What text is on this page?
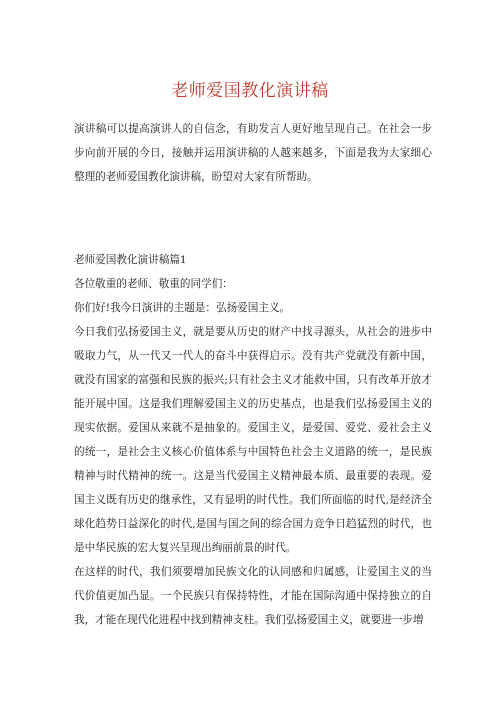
老师爱国教化演讲稿

演讲稿可以提高演讲人的自信念，有助发言人更好地呈现自己。在社会一步步向前开展的今日，接触并运用演讲稿的人越来越多，下面是我为大家细心整理的老师爱国教化演讲稿，盼望对大家有所帮助。

老师爱国教化演讲稿篇1

各位敬重的老师、敬重的同学们：

你们好!我今日演讲的主题是：弘扬爱国主义。

今日我们弘扬爱国主义，就是要从历史的财产中找寻源头，从社会的进步中吸取力气，从一代又一代人的奋斗中获得启示。没有共产党就没有新中国，就没有国家的富强和民族的振兴;只有社会主义才能救中国，只有改革开放才能开展中国。这是我们理解爱国主义的历史基点，也是我们弘扬爱国主义的现实依据。爱国从来就不是抽象的。爱国主义，是爱国、爱党、爱社会主义的统一，是社会主义核心价值体系与中国特色社会主义道路的统一，是民族精神与时代精神的统一。这是当代爱国主义精神最本质、最重要的表现。爱国主义既有历史的继承性，又有显明的时代性。我们所面临的时代,是经济全球化趋势日益深化的时代,是国与国之间的综合国力竞争日趋猛烈的时代，也是中华民族的宏大复兴呈现出绚丽前景的时代。

在这样的时代，我们须要增加民族文化的认同感和归属感，让爱国主义的当代价值更加凸显。一个民族只有保持特性，才能在国际沟通中保持独立的自我，才能在现代化进程中找到精神支柱。我们弘扬爱国主义，就要进一步增
